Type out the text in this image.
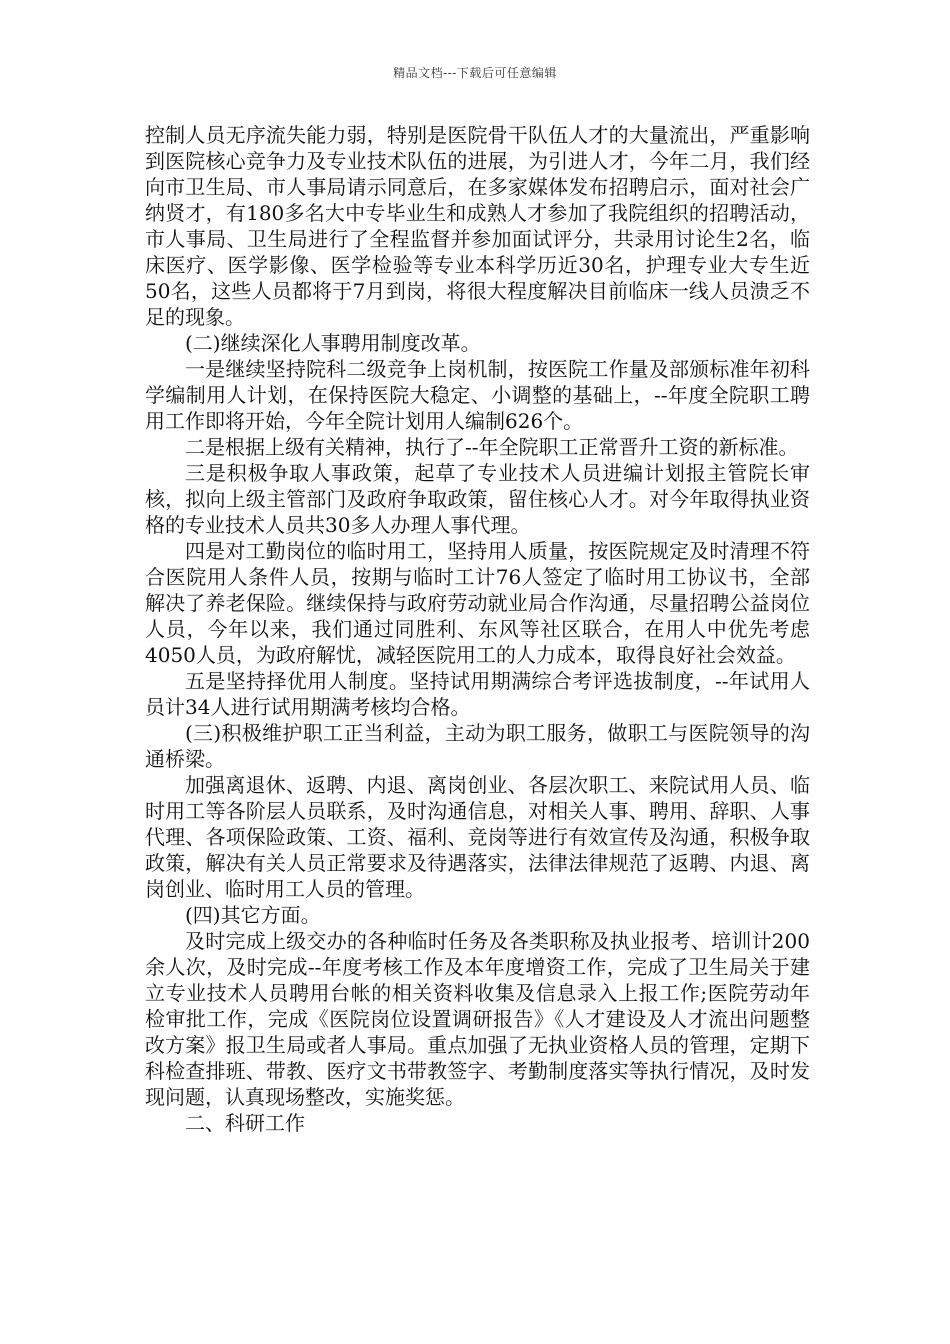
精品文档---下载后可任意编辑

控制人员无序流失能力弱，特别是医院骨干队伍人才的大量流出，严重影响到医院核心竞争力及专业技术队伍的进展，为引进人才，今年二月，我们经向市卫生局、市人事局请示同意后，在多家媒体发布招聘启示，面对社会广纳贤才，有180多名大中专毕业生和成熟人才参加了我院组织的招聘活动，市人事局、卫生局进行了全程监督并参加面试评分，共录用讨论生2名，临床医疗、医学影像、医学检验等专业本科学历近30名，护理专业大专生近50名，这些人员都将于7月到岗，将很大程度解决目前临床一线人员溃乏不足的现象。

(二)继续深化人事聘用制度改革。

一是继续坚持院科二级竞争上岗机制，按医院工作量及部颁标准年初科学编制用人计划，在保持医院大稳定、小调整的基础上，--年度全院职工聘用工作即将开始，今年全院计划用人编制626个。

二是根据上级有关精神，执行了--年全院职工正常晋升工资的新标准。

三是积极争取人事政策，起草了专业技术人员进编计划报主管院长审核，拟向上级主管部门及政府争取政策，留住核心人才。对今年取得执业资格的专业技术人员共30多人办理人事代理。

四是对工勤岗位的临时用工，坚持用人质量，按医院规定及时清理不符合医院用人条件人员，按期与临时工计76人签定了临时用工协议书，全部解决了养老保险。继续保持与政府劳动就业局合作沟通，尽量招聘公益岗位人员，今年以来，我们通过同胜利、东风等社区联合，在用人中优先考虑4050人员，为政府解忧，减轻医院用工的人力成本，取得良好社会效益。

五是坚持择优用人制度。坚持试用期满综合考评选拔制度，--年试用人员计34人进行试用期满考核均合格。

(三)积极维护职工正当利益，主动为职工服务，做职工与医院领导的沟通桥梁。

加强离退休、返聘、内退、离岗创业、各层次职工、来院试用人员、临时用工等各阶层人员联系，及时沟通信息，对相关人事、聘用、辞职、人事代理、各项保险政策、工资、福利、竞岗等进行有效宣传及沟通，积极争取政策，解决有关人员正常要求及待遇落实，法律法律规范了返聘、内退、离岗创业、临时用工人员的管理。

(四)其它方面。

及时完成上级交办的各种临时任务及各类职称及执业报考、培训计200余人次，及时完成--年度考核工作及本年度增资工作，完成了卫生局关于建立专业技术人员聘用台帐的相关资料收集及信息录入上报工作;医院劳动年检审批工作，完成《医院岗位设置调研报告》《人才建设及人才流出问题整改方案》报卫生局或者人事局。重点加强了无执业资格人员的管理，定期下科检查排班、带教、医疗文书带教签字、考勤制度落实等执行情况，及时发现问题，认真现场整改，实施奖惩。

二、科研工作
